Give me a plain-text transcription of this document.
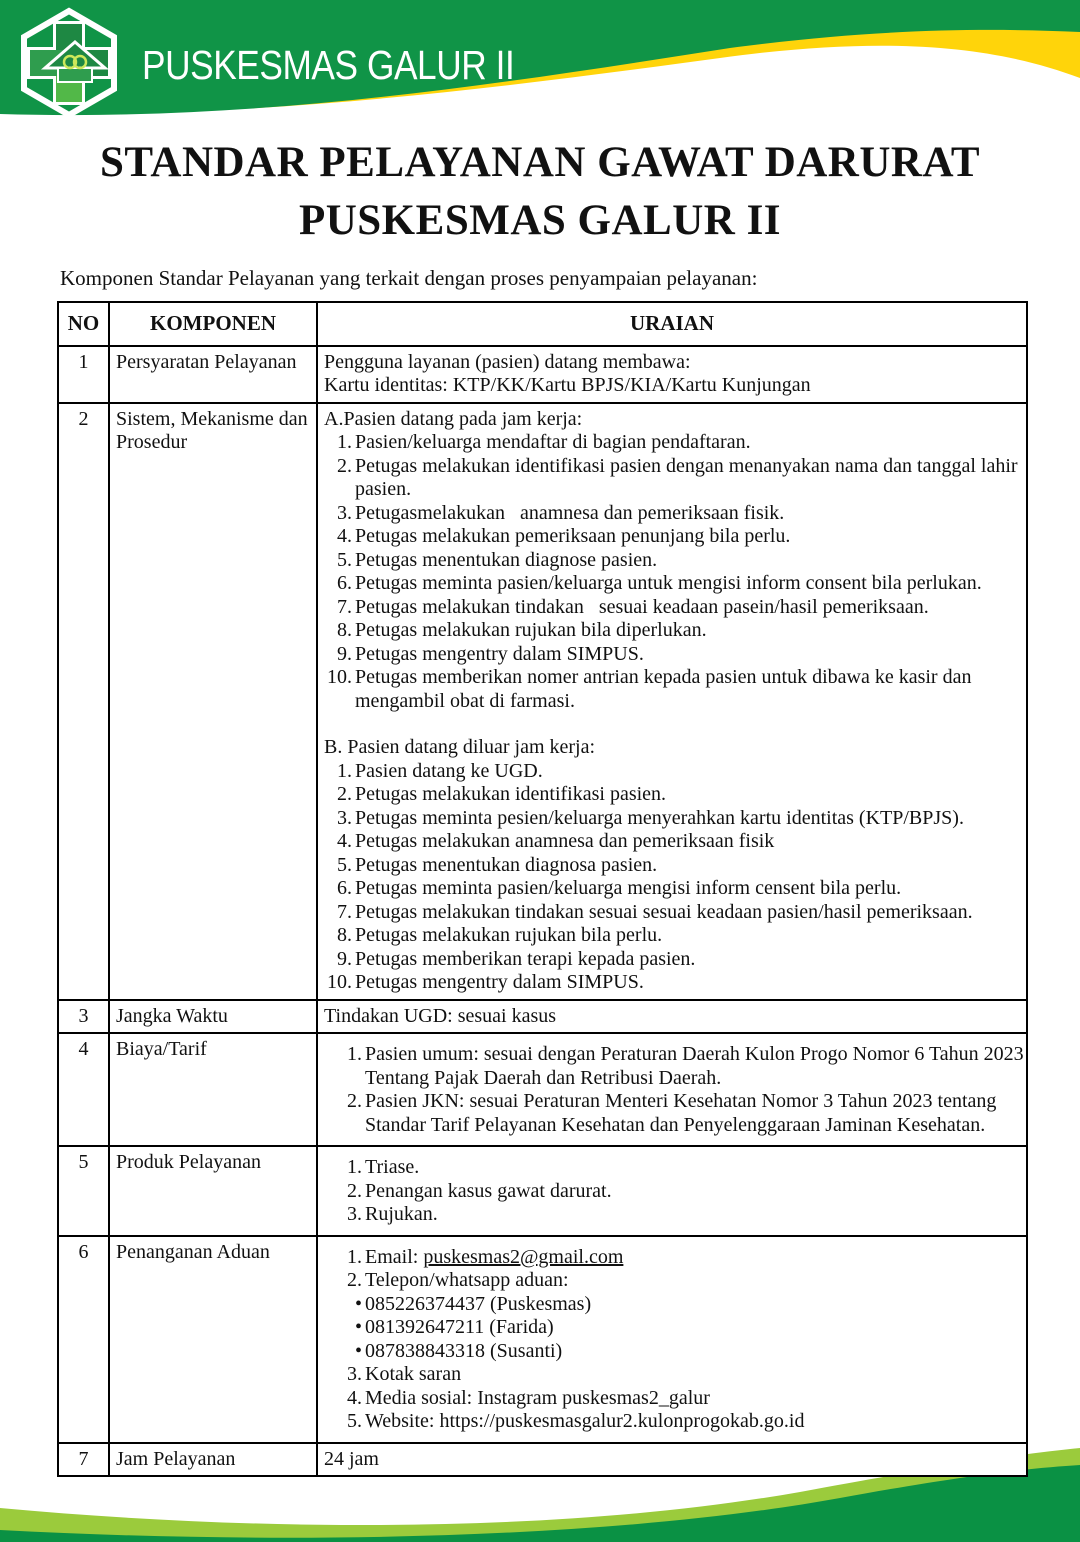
PUSKESMAS GALUR II
STANDAR PELAYANAN GAWAT DARURAT
PUSKESMAS GALUR II
Komponen Standar Pelayanan yang terkait dengan proses penyampaian pelayanan:
NO	KOMPONEN	URAIAN
1	Persyaratan Pelayanan	Pengguna layanan (pasien) datang membawa:
Kartu identitas: KTP/KK/Kartu BPJS/KIA/Kartu Kunjungan

2	Sistem, Mekanisme dan Prosedur	
A.Pasien datang pada jam kerja:
1. Pasien/keluarga mendaftar di bagian pendaftaran.
2. Petugas melakukan identifikasi pasien dengan menanyakan nama dan tanggal lahir pasien.
3. Petugasmelakukan   anamnesa dan pemeriksaan fisik.
4. Petugas melakukan pemeriksaan penunjang bila perlu.
5. Petugas menentukan diagnose pasien.
6. Petugas meminta pasien/keluarga untuk mengisi inform consent bila perlukan.
7. Petugas melakukan tindakan   sesuai keadaan pasein/hasil pemeriksaan.
8. Petugas melakukan rujukan bila diperlukan.
9. Petugas mengentry dalam SIMPUS.
10. Petugas memberikan nomer antrian kepada pasien untuk dibawa ke kasir dan mengambil obat di farmasi.
B. Pasien datang diluar jam kerja:
1. Pasien datang ke UGD.
2. Petugas melakukan identifikasi pasien.
3. Petugas meminta pesien/keluarga menyerahkan kartu identitas (KTP/BPJS).
4. Petugas melakukan anamnesa dan pemeriksaan fisik
5. Petugas menentukan diagnosa pasien.
6. Petugas meminta pasien/keluarga mengisi inform censent bila perlu.
7. Petugas melakukan tindakan sesuai sesuai keadaan pasien/hasil pemeriksaan.
8. Petugas melakukan rujukan bila perlu.
9. Petugas memberikan terapi kepada pasien.
10. Petugas mengentry dalam SIMPUS.

3	Jangka Waktu	Tindakan UGD: sesuai kasus

4	Biaya/Tarif	1. Pasien umum: sesuai dengan Peraturan Daerah Kulon Progo Nomor 6 Tahun 2023 Tentang Pajak Daerah dan Retribusi Daerah.
2. Pasien JKN: sesuai Peraturan Menteri Kesehatan Nomor 3 Tahun 2023 tentang Standar Tarif Pelayanan Kesehatan dan Penyelenggaraan Jaminan Kesehatan.

5	Produk Pelayanan	1. Triase.
2. Penangan kasus gawat darurat.
3. Rujukan.

6	Penanganan Aduan	1. Email: puskesmas2@gmail.com
2. Telepon/whatsapp aduan:
• 085226374437 (Puskesmas)
• 081392647211 (Farida)
• 087838843318 (Susanti)
3. Kotak saran
4. Media sosial: Instagram puskesmas2_galur
5. Website: https://puskesmasgalur2.kulonprogokab.go.id

7	Jam Pelayanan	24 jam
